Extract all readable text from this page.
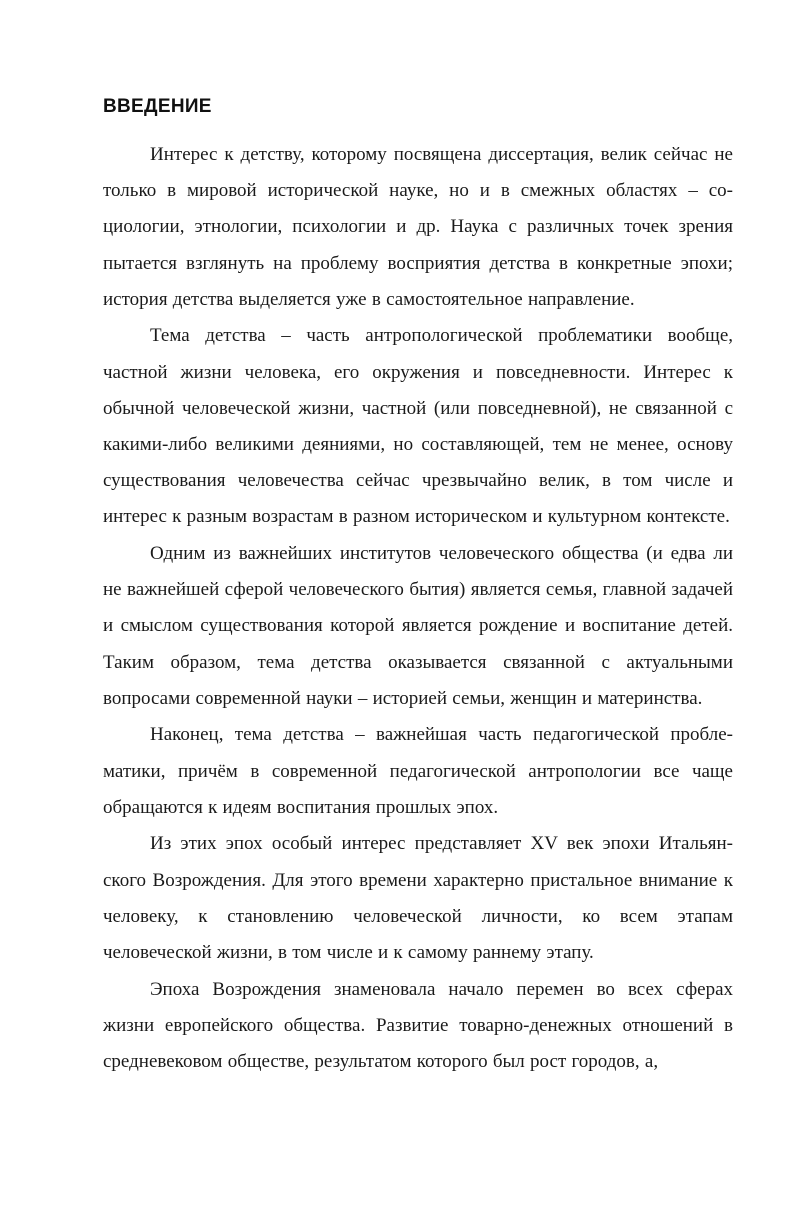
ВВЕДЕНИЕ

Интерес к детству, которому посвящена диссертация, велик сейчас не только в мировой исторической науке, но и в смежных областях – социологии, этнологии, психологии и др. Наука с различных точек зрения пытается взглянуть на проблему восприятия детства в конкретные эпохи; история детства выделяется уже в самостоятельное направление.

Тема детства – часть антропологической проблематики вообще, частной жизни человека, его окружения и повседневности. Интерес к обычной человеческой жизни, частной (или повседневной), не связанной с какими-либо великими деяниями, но составляющей, тем не менее, основу существования человечества сейчас чрезвычайно велик, в том числе и интерес к разным возрастам в разном историческом и культурном контексте.

Одним из важнейших институтов человеческого общества (и едва ли не важнейшей сферой человеческого бытия) является семья, главной задачей и смыслом существования которой является рождение и воспитание детей. Таким образом, тема детства оказывается связанной с актуальными вопросами современной науки – историей семьи, женщин и материнства.

Наконец, тема детства – важнейшая часть педагогической проблематики, причём в современной педагогической антропологии все чаще обращаются к идеям воспитания прошлых эпох.

Из этих эпох особый интерес представляет XV век эпохи Итальянского Возрождения. Для этого времени характерно пристальное внимание к человеку, к становлению человеческой личности, ко всем этапам человеческой жизни, в том числе и к самому раннему этапу.

Эпоха Возрождения знаменовала начало перемен во всех сферах жизни европейского общества. Развитие товарно-денежных отношений в средневековом обществе, результатом которого был рост городов, а,
